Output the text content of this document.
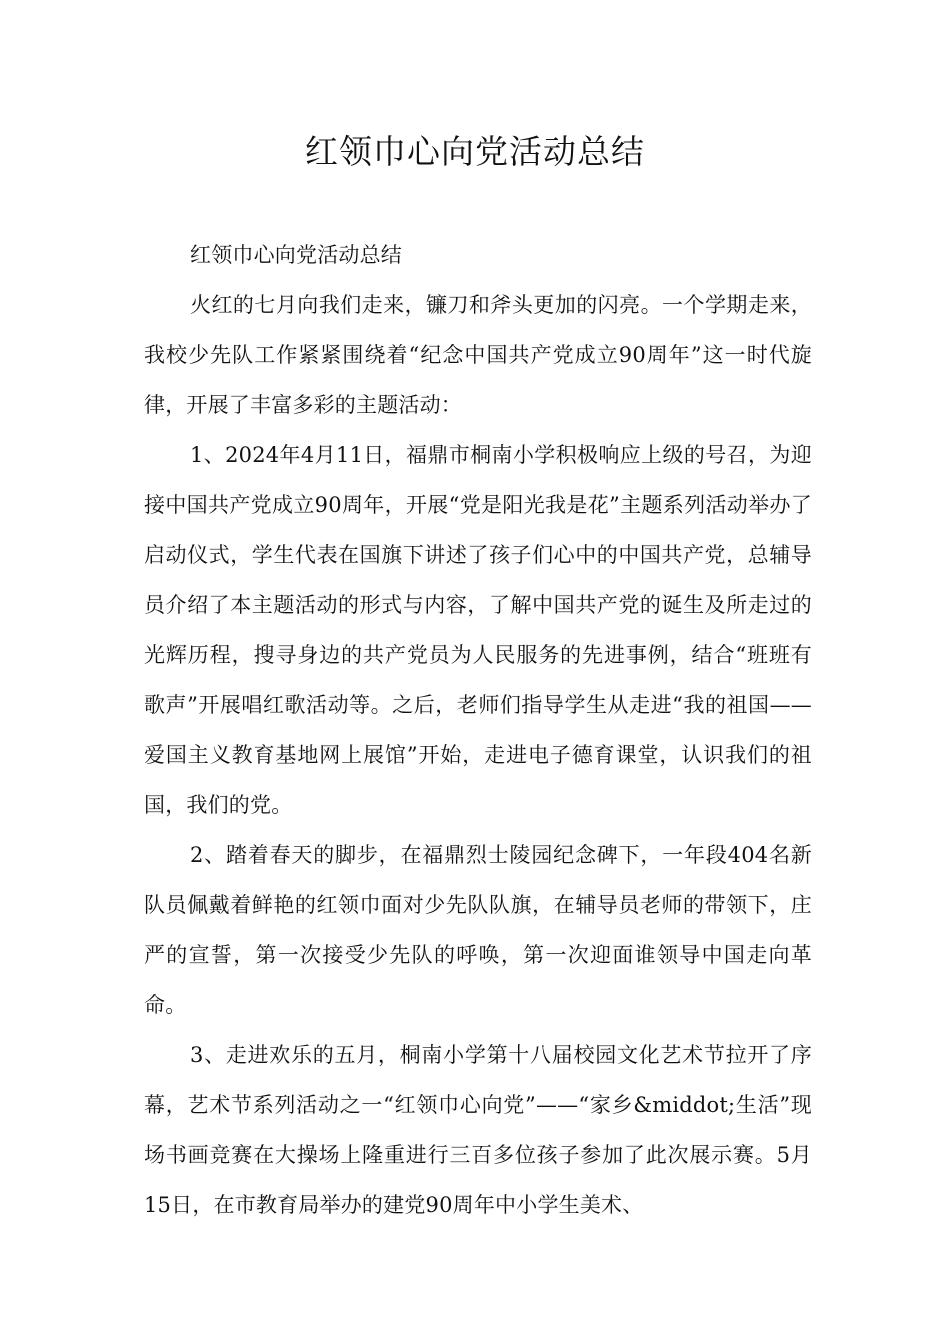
红领巾心向党活动总结

红领巾心向党活动总结

火红的七月向我们走来，镰刀和斧头更加的闪亮。一个学期走来，我校少先队工作紧紧围绕着“纪念中国共产党成立90周年”这一时代旋律，开展了丰富多彩的主题活动：

1、2024年4月11日，福鼎市桐南小学积极响应上级的号召，为迎接中国共产党成立90周年，开展“党是阳光我是花”主题系列活动举办了启动仪式，学生代表在国旗下讲述了孩子们心中的中国共产党，总辅导员介绍了本主题活动的形式与内容，了解中国共产党的诞生及所走过的光辉历程，搜寻身边的共产党员为人民服务的先进事例，结合“班班有歌声”开展唱红歌活动等。之后，老师们指导学生从走进“我的祖国——爱国主义教育基地网上展馆”开始，走进电子德育课堂，认识我们的祖国，我们的党。

2、踏着春天的脚步，在福鼎烈士陵园纪念碑下，一年段404名新队员佩戴着鲜艳的红领巾面对少先队队旗，在辅导员老师的带领下，庄严的宣誓，第一次接受少先队的呼唤，第一次迎面谁领导中国走向革命。

3、走进欢乐的五月，桐南小学第十八届校园文化艺术节拉开了序幕，艺术节系列活动之一“红领巾心向党”——“家乡&middot;生活”现场书画竞赛在大操场上隆重进行三百多位孩子参加了此次展示赛。5月15日，在市教育局举办的建党90周年中小学生美术、
